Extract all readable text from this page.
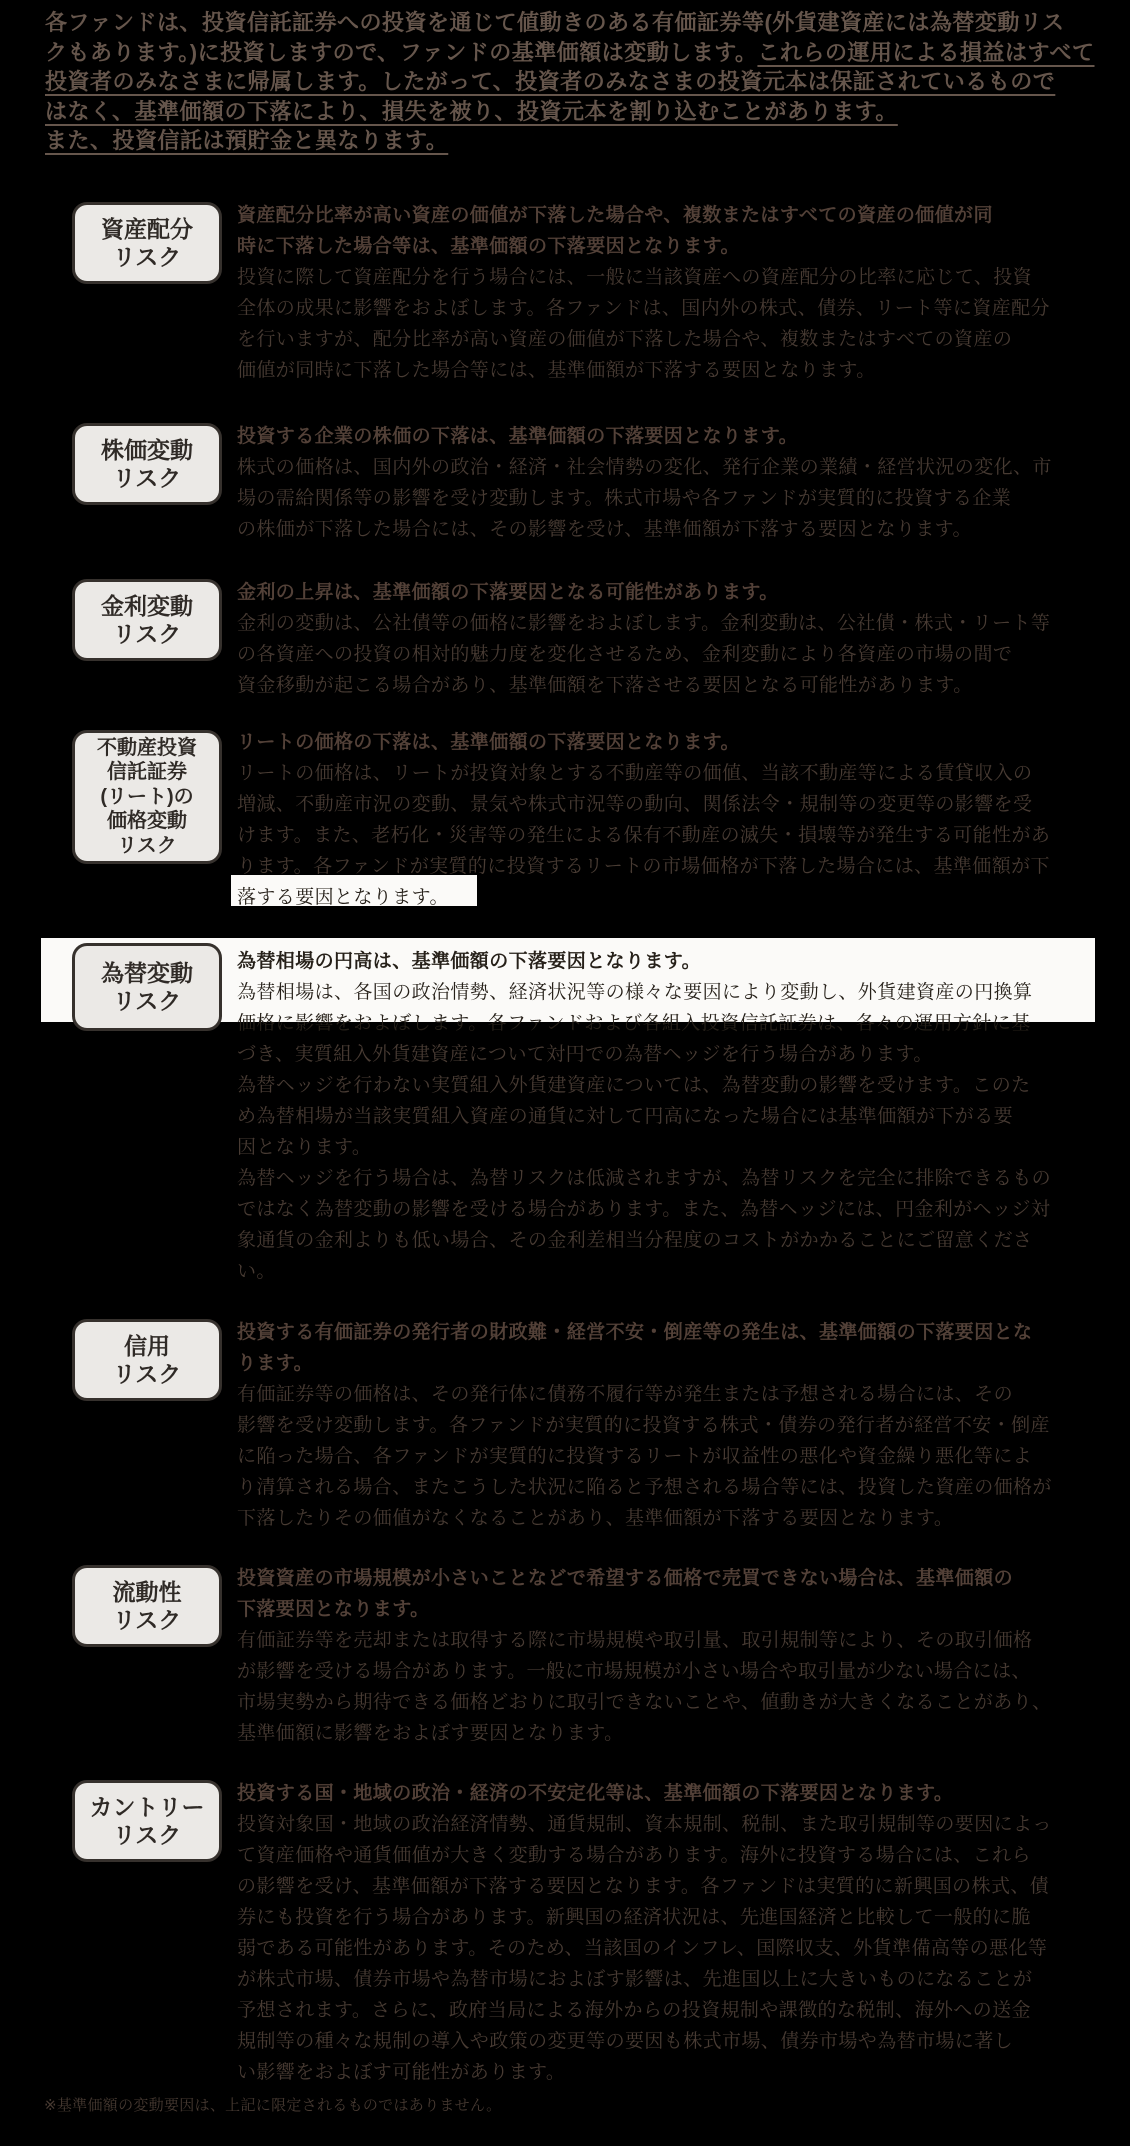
各ファンドは、投資信託証券への投資を通じて値動きのある有価証券等(外貨建資産には為替変動リス
クもあります。)に投資しますので、ファンドの基準価額は変動します。これらの運用による損益はすべて
投資者のみなさまに帰属します。したがって、投資者のみなさまの投資元本は保証されているもので
はなく、基準価額の下落により、損失を被り、投資元本を割り込むことがあります。
また、投資信託は預貯金と異なります。
資産配分
リスク
資産配分比率が高い資産の価値が下落した場合や、複数またはすべての資産の価値が同
時に下落した場合等は、基準価額の下落要因となります。
投資に際して資産配分を行う場合には、一般に当該資産への資産配分の比率に応じて、投資
全体の成果に影響をおよぼします。各ファンドは、国内外の株式、債券、リート等に資産配分
を行いますが、配分比率が高い資産の価値が下落した場合や、複数またはすべての資産の
価値が同時に下落した場合等には、基準価額が下落する要因となります。
株価変動
リスク
投資する企業の株価の下落は、基準価額の下落要因となります。
株式の価格は、国内外の政治・経済・社会情勢の変化、発行企業の業績・経営状況の変化、市
場の需給関係等の影響を受け変動します。株式市場や各ファンドが実質的に投資する企業
の株価が下落した場合には、その影響を受け、基準価額が下落する要因となります。
金利変動
リスク
金利の上昇は、基準価額の下落要因となる可能性があります。
金利の変動は、公社債等の価格に影響をおよぼします。金利変動は、公社債・株式・リート等
の各資産への投資の相対的魅力度を変化させるため、金利変動により各資産の市場の間で
資金移動が起こる場合があり、基準価額を下落させる要因となる可能性があります。
不動産投資
信託証券
(リート)の
価格変動
リスク
リートの価格の下落は、基準価額の下落要因となります。
リートの価格は、リートが投資対象とする不動産等の価値、当該不動産等による賃貸収入の
増減、不動産市況の変動、景気や株式市況等の動向、関係法令・規制等の変更等の影響を受
けます。また、老朽化・災害等の発生による保有不動産の滅失・損壊等が発生する可能性があ
ります。各ファンドが実質的に投資するリートの市場価格が下落した場合には、基準価額が下
落する要因となります。
為替変動
リスク
為替相場の円高は、基準価額の下落要因となります。
為替相場は、各国の政治情勢、経済状況等の様々な要因により変動し、外貨建資産の円換算
価格に影響をおよぼします。各ファンドおよび各組入投資信託証券は、各々の運用方針に基
づき、実質組入外貨建資産について対円での為替ヘッジを行う場合があります。
為替ヘッジを行わない実質組入外貨建資産については、為替変動の影響を受けます。このた
め為替相場が当該実質組入資産の通貨に対して円高になった場合には基準価額が下がる要
因となります。
為替ヘッジを行う場合は、為替リスクは低減されますが、為替リスクを完全に排除できるもの
ではなく為替変動の影響を受ける場合があります。また、為替ヘッジには、円金利がヘッジ対
象通貨の金利よりも低い場合、その金利差相当分程度のコストがかかることにご留意くださ
い。
信用
リスク
投資する有価証券の発行者の財政難・経営不安・倒産等の発生は、基準価額の下落要因とな
ります。
有価証券等の価格は、その発行体に債務不履行等が発生または予想される場合には、その
影響を受け変動します。各ファンドが実質的に投資する株式・債券の発行者が経営不安・倒産
に陥った場合、各ファンドが実質的に投資するリートが収益性の悪化や資金繰り悪化等によ
り清算される場合、またこうした状況に陥ると予想される場合等には、投資した資産の価格が
下落したりその価値がなくなることがあり、基準価額が下落する要因となります。
流動性
リスク
投資資産の市場規模が小さいことなどで希望する価格で売買できない場合は、基準価額の
下落要因となります。
有価証券等を売却または取得する際に市場規模や取引量、取引規制等により、その取引価格
が影響を受ける場合があります。一般に市場規模が小さい場合や取引量が少ない場合には、
市場実勢から期待できる価格どおりに取引できないことや、値動きが大きくなることがあり、
基準価額に影響をおよぼす要因となります。
カントリー
リスク
投資する国・地域の政治・経済の不安定化等は、基準価額の下落要因となります。
投資対象国・地域の政治経済情勢、通貨規制、資本規制、税制、また取引規制等の要因によっ
て資産価格や通貨価値が大きく変動する場合があります。海外に投資する場合には、これら
の影響を受け、基準価額が下落する要因となります。各ファンドは実質的に新興国の株式、債
券にも投資を行う場合があります。新興国の経済状況は、先進国経済と比較して一般的に脆
弱である可能性があります。そのため、当該国のインフレ、国際収支、外貨準備高等の悪化等
が株式市場、債券市場や為替市場におよぼす影響は、先進国以上に大きいものになることが
予想されます。さらに、政府当局による海外からの投資規制や課徴的な税制、海外への送金
規制等の種々な規制の導入や政策の変更等の要因も株式市場、債券市場や為替市場に著し
い影響をおよぼす可能性があります。
※基準価額の変動要因は、上記に限定されるものではありません。
